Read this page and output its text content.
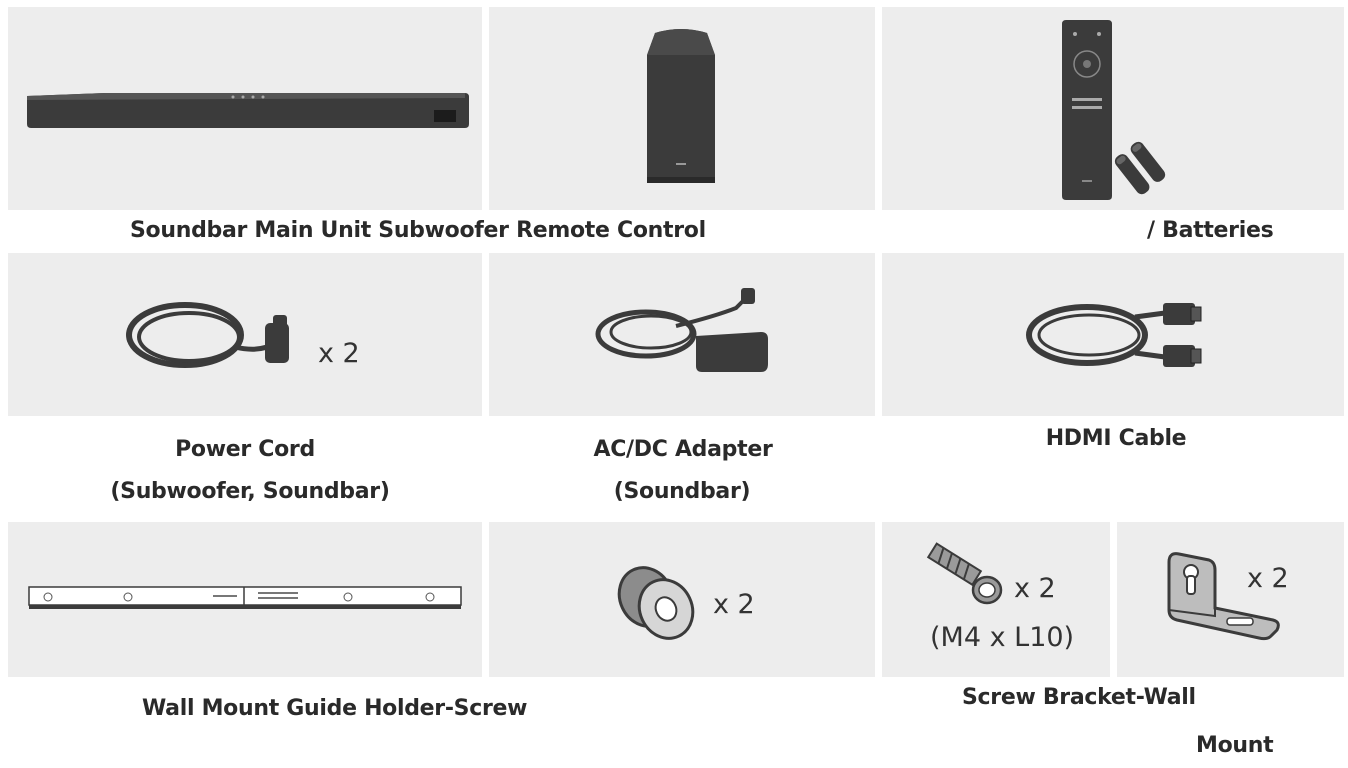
x 2
x 2
x 2
(M4 x L10)
x 2
Soundbar Main Unit Subwoofer Remote Control	/ Batteries
Power Cord
(Subwoofer, Soundbar)
AC/DC Adapter
(Soundbar)
HDMI Cable
Wall Mount Guide Holder-Screw	Screw Bracket-Wall
Mount
